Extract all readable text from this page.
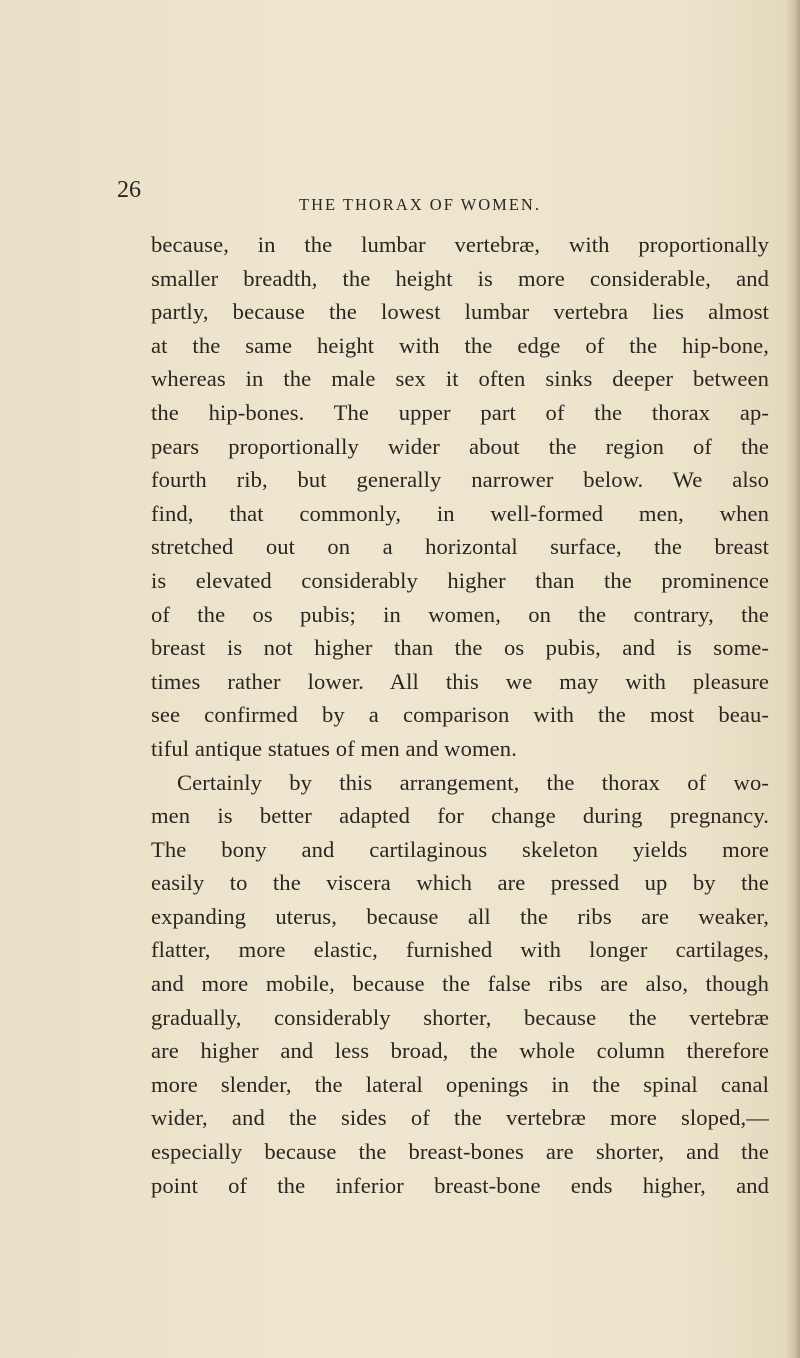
26
THE THORAX OF WOMEN.
because, in the lumbar vertebræ, with proportionally
smaller breadth, the height is more considerable, and
partly, because the lowest lumbar vertebra lies almost
at the same height with the edge of the hip-bone,
whereas in the male sex it often sinks deeper between
the hip-bones. The upper part of the thorax ap-
pears proportionally wider about the region of the
fourth rib, but generally narrower below. We also
find, that commonly, in well-formed men, when
stretched out on a horizontal surface, the breast
is elevated considerably higher than the prominence
of the os pubis; in women, on the contrary, the
breast is not higher than the os pubis, and is some-
times rather lower. All this we may with pleasure
see confirmed by a comparison with the most beau-
tiful antique statues of men and women.
Certainly by this arrangement, the thorax of wo-
men is better adapted for change during pregnancy.
The bony and cartilaginous skeleton yields more
easily to the viscera which are pressed up by the
expanding uterus, because all the ribs are weaker,
flatter, more elastic, furnished with longer cartilages,
and more mobile, because the false ribs are also, though
gradually, considerably shorter, because the vertebræ
are higher and less broad, the whole column therefore
more slender, the lateral openings in the spinal canal
wider, and the sides of the vertebræ more sloped,—
especially because the breast-bones are shorter, and the
point of the inferior breast-bone ends higher, and
